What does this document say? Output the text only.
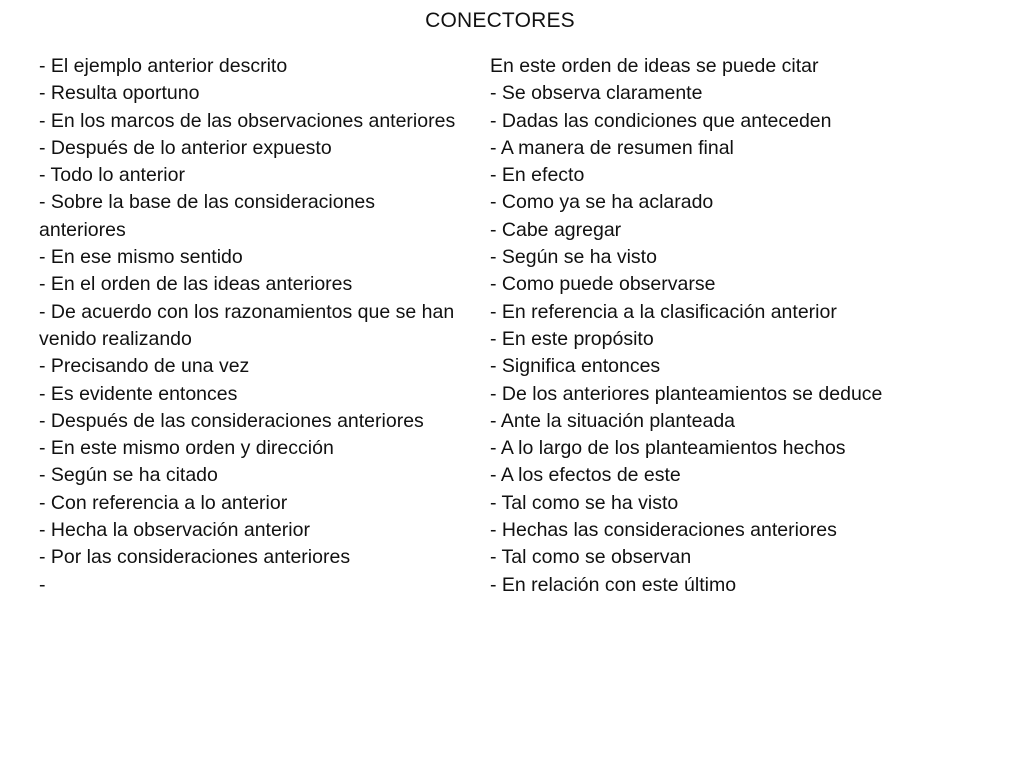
CONECTORES
- El ejemplo anterior descrito
- Resulta oportuno
- En los marcos de las observaciones anteriores
- Después de lo anterior expuesto
- Todo lo anterior
- Sobre la base de las consideraciones anteriores
- En ese mismo sentido
- En el orden de las ideas anteriores
- De acuerdo con los razonamientos que se han venido realizando
- Precisando de una vez
- Es evidente entonces
- Después de las consideraciones anteriores
- En este mismo orden y dirección
- Según se ha citado
- Con referencia a lo anterior
- Hecha la observación anterior
- Por las consideraciones anteriores
-
En este orden de ideas se puede citar
- Se observa claramente
- Dadas las condiciones que anteceden
- A manera de resumen final
- En efecto
- Como ya se ha aclarado
- Cabe agregar
- Según se ha visto
- Como puede observarse
- En referencia a la clasificación anterior
- En este propósito
- Significa entonces
- De los anteriores planteamientos se deduce
- Ante la situación planteada
- A lo largo de los planteamientos hechos
- A los efectos de este
- Tal como se ha visto
- Hechas las consideraciones anteriores
- Tal como se observan
- En relación con este último
